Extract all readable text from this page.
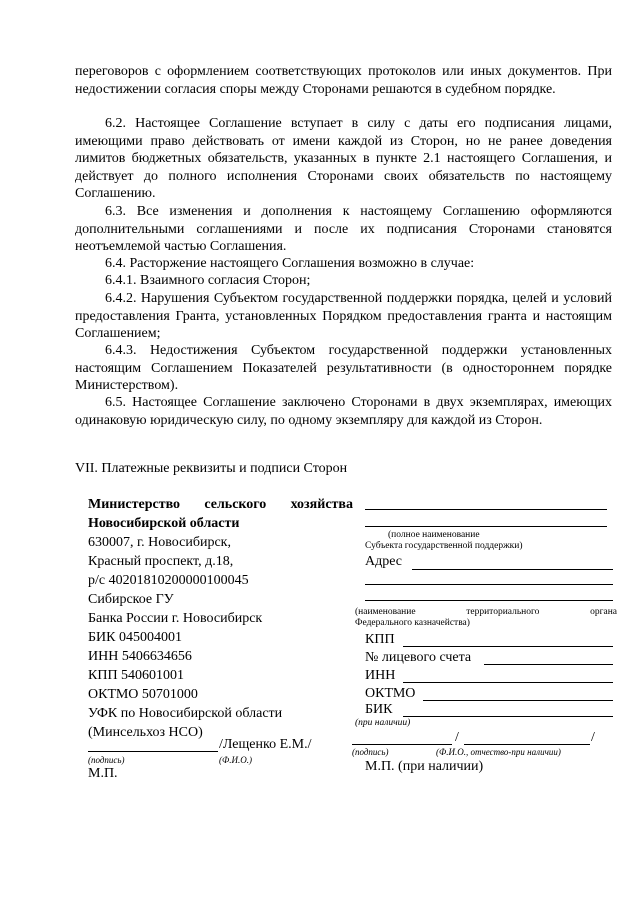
переговоров с оформлением соответствующих протоколов или иных документов. При недостижении согласия споры между Сторонами решаются в судебном порядке.

6.2. Настоящее Соглашение вступает в силу с даты его подписания лицами, имеющими право действовать от имени каждой из Сторон, но не ранее доведения лимитов бюджетных обязательств, указанных в пункте 2.1 настоящего Соглашения, и действует до полного исполнения Сторонами своих обязательств по настоящему Соглашению.

6.3. Все изменения и дополнения к настоящему Соглашению оформляются дополнительными соглашениями и после их подписания Сторонами становятся неотъемлемой частью Соглашения.

6.4. Расторжение настоящего Соглашения возможно в случае:

6.4.1. Взаимного согласия Сторон;

6.4.2. Нарушения Субъектом государственной поддержки порядка, целей и условий предоставления Гранта, установленных Порядком предоставления гранта и настоящим Соглашением;

6.4.3. Недостижения Субъектом государственной поддержки установленных настоящим Соглашением Показателей результативности (в одностороннем порядке Министерством).

6.5. Настоящее Соглашение заключено Сторонами в двух экземплярах, имеющих одинаковую юридическую силу, по одному экземпляру для каждой из Сторон.

VII. Платежные реквизиты и подписи Сторон

Министерство сельского хозяйства
Новосибирской области
630007, г. Новосибирск,
Красный проспект, д.18,
р/с 40201810200000100045
Сибирское ГУ
Банка России г. Новосибирск
БИК 045004001
ИНН 5406634656
КПП 540601001
ОКТМО 50701000
УФК по Новосибирской области
(Минсельхоз НСО)
/Лещенко Е.М./
(подпись)	(Ф.И.О.)
М.П.
(полное наименование
Субъекта государственной поддержки)
Адрес
(наименование	территориального	органа
Федерального казначейства)
КПП
№ лицевого счета
ИНН
ОКТМО
БИК
(при наличии)
/	/
(подпись)	(Ф.И.О., отчество-при наличии)
М.П. (при наличии)
